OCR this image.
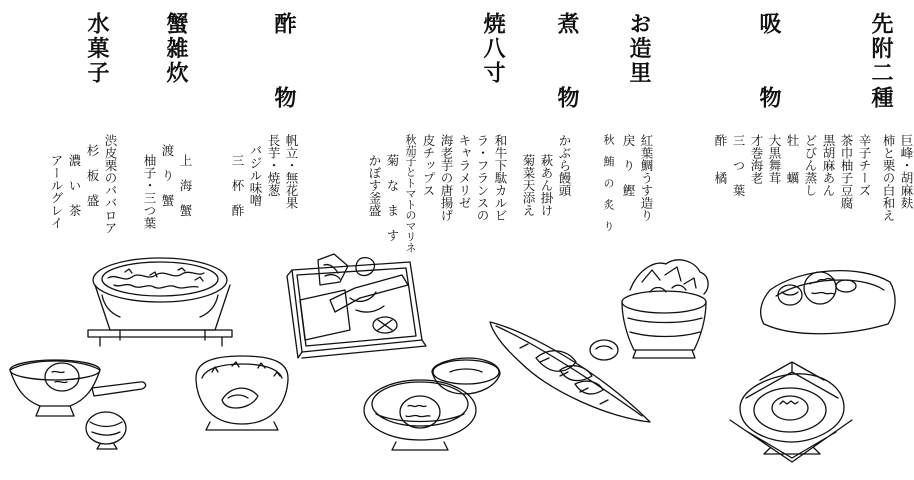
先附二種
柿と栗の白和え 巨峰・胡麻麸
吸　　物
辛子チーズ
茶巾柚子豆腐
黒胡麻あん
どびん蒸し
牡　　蠣
大黒舞茸
才巻海老
三　つ　葉
酢　　橘
お造里
紅葉鯛うす造り
戻　り　鰹
秋　鮪　の　炙　り
煮　　物
かぶら饅頭
萩あん掛け
菊菜天添え
焼八寸
和牛下駄カルビ
ラ・フランスの
キャラメリゼ
海老芋の唐揚げ
皮チップス
秋茄子とトマトのマリネ
菊　な　ま　す
かぼす釜盛
酢　　物
帆立・無花果
長芋・焼葱
バジル味噌
三　杯　酢
蟹雑炊
上　海　蟹
渡　り　蟹
柚子・三つ葉
水菓子
渋皮栗のババロア
杉　板　盛
濃　い　茶
アールグレイ
